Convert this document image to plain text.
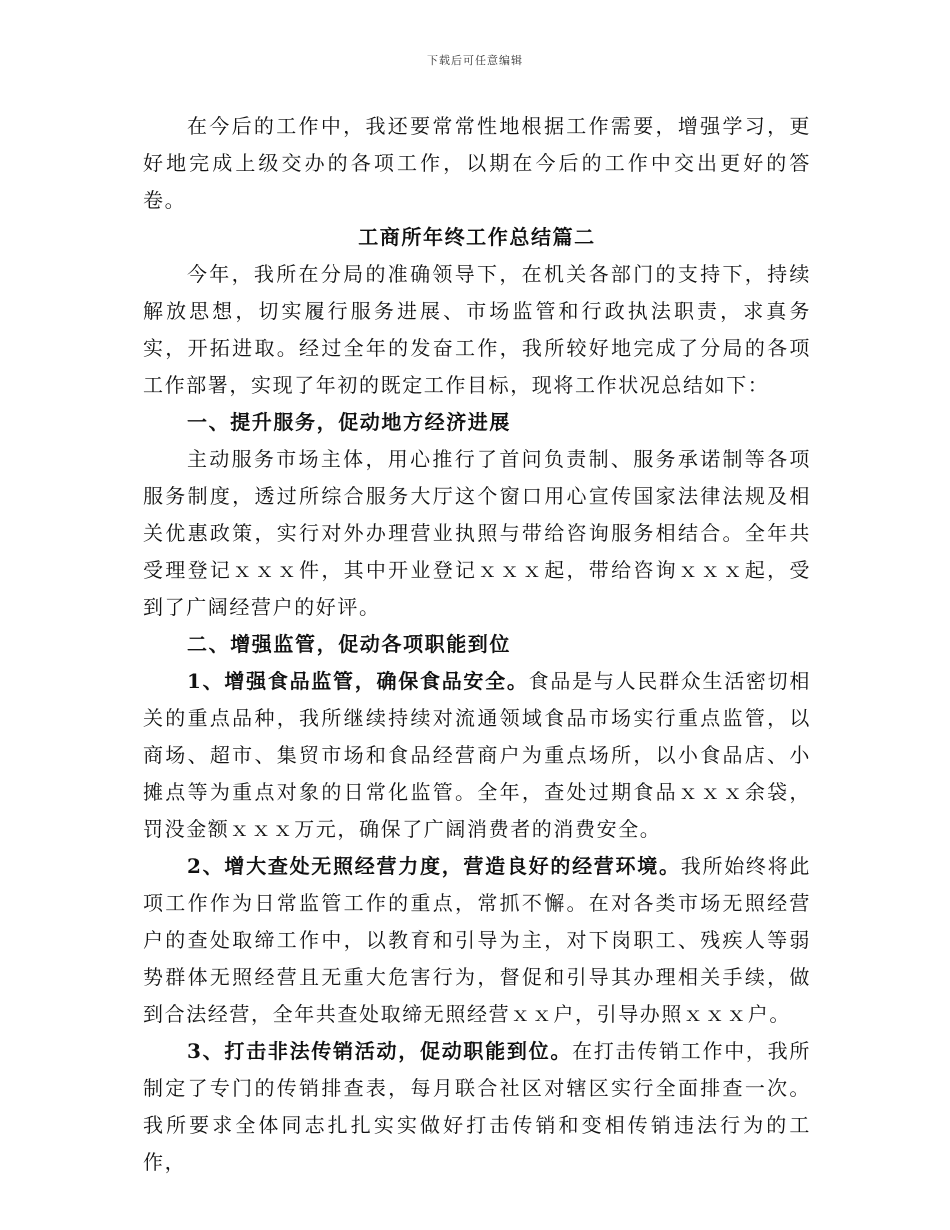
下载后可任意编辑

在今后的工作中，我还要常常性地根据工作需要，增强学习，更好地完成上级交办的各项工作，以期在今后的工作中交出更好的答卷。

工商所年终工作总结篇二

今年，我所在分局的准确领导下，在机关各部门的支持下，持续解放思想，切实履行服务进展、市场监管和行政执法职责，求真务实，开拓进取。经过全年的发奋工作，我所较好地完成了分局的各项工作部署，实现了年初的既定工作目标，现将工作状况总结如下：

一、提升服务，促动地方经济进展

主动服务市场主体，用心推行了首问负责制、服务承诺制等各项服务制度，透过所综合服务大厅这个窗口用心宣传国家法律法规及相关优惠政策，实行对外办理营业执照与带给咨询服务相结合。全年共受理登记ｘｘｘ件，其中开业登记ｘｘｘ起，带给咨询ｘｘｘ起，受到了广阔经营户的好评。

二、增强监管，促动各项职能到位

1、增强食品监管，确保食品安全。食品是与人民群众生活密切相关的重点品种，我所继续持续对流通领域食品市场实行重点监管，以商场、超市、集贸市场和食品经营商户为重点场所，以小食品店、小摊点等为重点对象的日常化监管。全年，查处过期食品ｘｘｘ余袋，罚没金额ｘｘｘ万元，确保了广阔消费者的消费安全。

2、增大查处无照经营力度，营造良好的经营环境。我所始终将此项工作作为日常监管工作的重点，常抓不懈。在对各类市场无照经营户的查处取缔工作中，以教育和引导为主，对下岗职工、残疾人等弱势群体无照经营且无重大危害行为，督促和引导其办理相关手续，做到合法经营，全年共查处取缔无照经营ｘｘ户，引导办照ｘｘｘ户。

3、打击非法传销活动，促动职能到位。在打击传销工作中，我所制定了专门的传销排查表，每月联合社区对辖区实行全面排查一次。我所要求全体同志扎扎实实做好打击传销和变相传销违法行为的工作，
